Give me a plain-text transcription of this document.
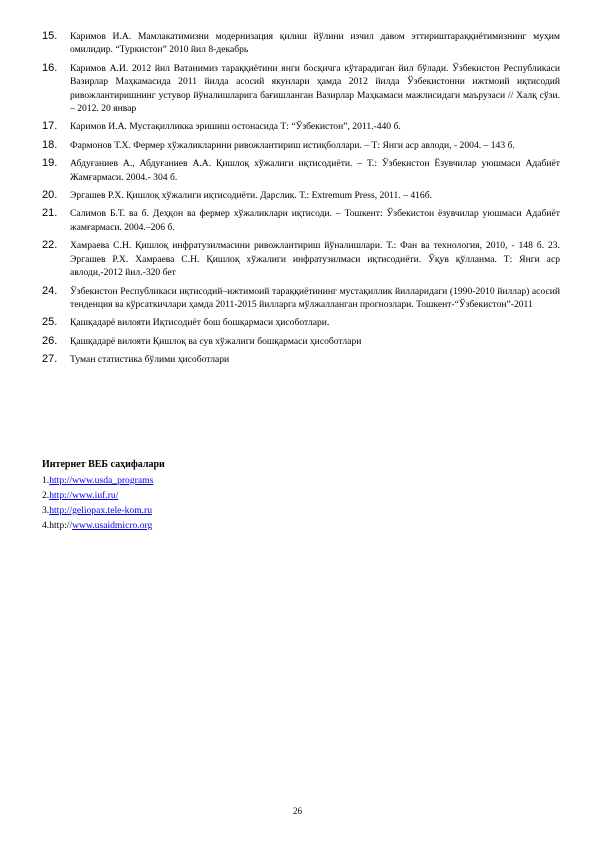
15.	Каримов И.А. Мамлакатимизни модернизация қилиш йўлини изчил давом эттириштараққиётимизнинг муҳим омилидир. “Туркистон” 2010 йил 8-декабрь
16.	Каримов А.И. 2012 йил Ватанимиз тараққиётини янги босқичга кўтарадиган йил бўлади. Ўзбекистон Республикаси Вазирлар Маҳкамасида 2011 йилда асосий якунлари ҳамда 2012 йилда Ўзбекистонни ижтмоий иқтисодий ривожлантиришнинг устувор йўналишларига бағишланган Вазирлар Маҳкамаси мажлисидаги маърузаси // Халқ сўзи. – 2012. 20 январ
17.	Каримов И.А. Мустақилликка эришиш остонасида Т: “Ўзбекистон”, 2011.-440 б.
18.	Фармонов Т.Х. Фермер хўжаликларини ривожлантириш истиқболлари. – Т: Янги аср авлоди, - 2004. – 143 б.
19.	Абдуғаниев А., Абдуғаниев А.А. Қишлоқ хўжалиги иқтисодиёти. – Т.: Ўзбекистон Ёзувчилар уюшмаси Адабиёт Жамғармаси. 2004.- 304 б.
20.	Эргашев Р.Х. Қишлоқ хўжалиги иқтисодиёти. Дарслик. Т.: Extremum Press, 2011. – 416б.
21.	Салимов Б.Т. ва б. Деҳқон ва фермер хўжаликлари иқтисоди. – Тошкент: Ўзбекистон ёзувчилар уюшмаси Адабиёт жамғармаси. 2004.–206 б.
22.	Хамраева С.Н. Қишлоқ инфратузилмасини ривожлантириш йўналишлари. Т.: Фан ва технология, 2010, - 148 б. 23. Эргашев Р.Х. Хамраева С.Н. Қишлоқ хўжалиги инфратузилмаси иқтисодиёти. Ўқув қўлланма. Т: Янги аср авлоди,-2012 йил.-320 бет
24.	Ўзбекистон Республикаси иқтисодий–ижтимоий тараққиётининг мустақиллик йилларидаги (1990-2010 йиллар) асосий тенденция ва кўрсаткичлари ҳамда 2011-2015 йилларга мўлжалланган прогнозлари. Тошкент-“Ўзбекистон”-2011
25.	Қашқадарё вилояти Иқтисодиёт бош бошқармаси ҳисоботлари.
26.	Қашқадарё вилояти Қишлоқ ва сув хўжалиги бошқармаси ҳисоботлари
27.	Туман статистика бўлими ҳисоботлари
Интернет ВЕБ саҳифалари
1.http://www.usda_programs
2.http://www.iuf.ru/
3.http://geliopax.tele-kom.ru
4.http://www.usaidmicro.org
26
